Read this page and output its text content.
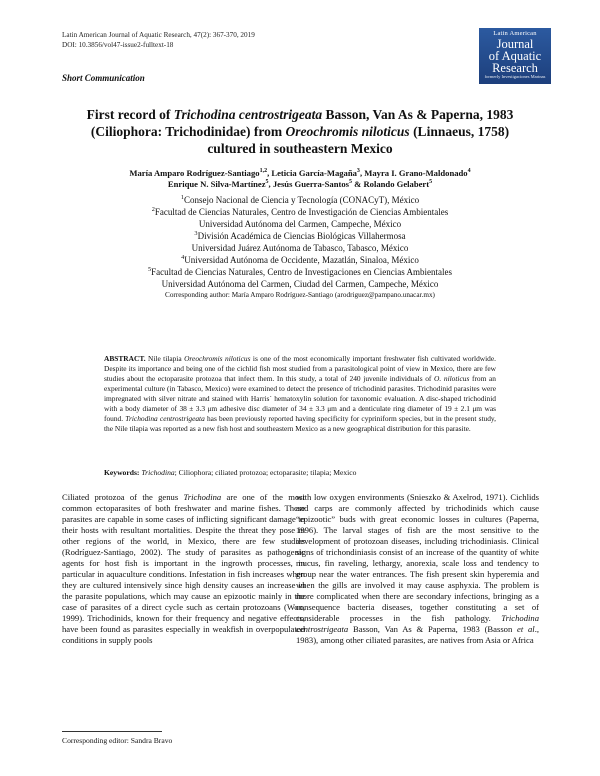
Latin American Journal of Aquatic Research, 47(2): 367-370, 2019
DOI: 10.3856/vol47-issue2-fulltext-18
Latin American
Journal
of Aquatic
Research
formerly Investigaciones Marinas
Short Communication
First record of Trichodina centrostrigeata Basson, Van As & Paperna, 1983
(Ciliophora: Trichodinidae) from Oreochromis niloticus (Linnaeus, 1758)
cultured in southeastern Mexico
María Amparo Rodríguez-Santiago$^{1,2}$, Leticia García-Magaña$^3$, Mayra I. Grano-Maldonado$^4$
Enrique N. Silva-Martínez$^5$, Jesús Guerra-Santos$^5$ & Rolando Gelabert$^5$
$^1$Consejo Nacional de Ciencia y Tecnología (CONACyT), México
$^2$Facultad de Ciencias Naturales, Centro de Investigación de Ciencias Ambientales
Universidad Autónoma del Carmen, Campeche, México
$^3$División Académica de Ciencias Biológicas Villahermosa
Universidad Juárez Autónoma de Tabasco, Tabasco, México
$^4$Universidad Autónoma de Occidente, Mazatlán, Sinaloa, México
$^5$Facultad de Ciencias Naturales, Centro de Investigaciones en Ciencias Ambientales
Universidad Autónoma del Carmen, Ciudad del Carmen, Campeche, México
Corresponding author: María Amparo Rodríguez-Santiago (arodriguez@pampano.unacar.mx)
ABSTRACT. Nile tilapia Oreochromis niloticus is one of the most economically important freshwater fish cultivated worldwide. Despite its importance and being one of the cichlid fish most studied from a parasitological point of view in Mexico, there are few studies about the ectoparasite protozoa that infect them. In this study, a total of 240 juvenile individuals of O. niloticus from an experimental culture (in Tabasco, Mexico) were examined to detect the presence of trichodinid parasites. Trichodinid parasites were impregnated with silver nitrate and stained with Harris´ hematoxylin solution for taxonomic evaluation. A disc-shaped trichodinid with a body diameter of 38 ± 3.3 μm adhesive disc diameter of 34 ± 3.3 μm and a denticulate ring diameter of 19 ± 2.1 μm was found. Trichodina centrostrigeata has been previously reported having specificity for cypriniform species, but in the present study, the Nile tilapia was reported as a new fish host and southeastern Mexico as a new geographical distribution for this parasite.
Keywords: Trichodina; Ciliophora; ciliated protozoa; ectoparasite; tilapia; Mexico
Ciliated protozoa of the genus Trichodina are one of the most common ectoparasites of both freshwater and marine fishes. These parasites are capable in some cases of inflicting significant damage to their hosts with resultant mortalities. Despite the threat they pose in other regions of the world, in Mexico, there are few studies (Rodríguez-Santiago, 2002). The study of parasites as pathogenic agents for host fish is important in the ingrowth processes, in particular in aquaculture conditions. Infestation in fish increases when they are cultured intensively since high density causes an increase in the parasite populations, which may cause an epizootic mainly in the case of parasites of a direct cycle such as certain protozoans (Woo, 1999). Trichodinids, known for their frequency and negative effects, have been found as parasites especially in weakfish in overpopulated conditions in supply pools
with low oxygen environments (Snieszko & Axelrod, 1971). Cichlids and carps are commonly affected by trichodinids which cause “epizootic” buds with great economic losses in cultures (Paperna, 1996). The larval stages of fish are the most sensitive to the development of protozoan diseases, including trichodiniasis. Clinical signs of trichondiniasis consist of an increase of the quantity of white mucus, fin raveling, lethargy, anorexia, scale loss and tendency to group near the water entrances. The fish present skin hyperemia and when the gills are involved it may cause asphyxia. The problem is more complicated when there are secondary infections, bringing as a consequence bacteria diseases, together constituting a set of considerable processes in the fish pathology. Trichodina centrostrigeata Basson, Van As & Paperna, 1983 (Basson et al., 1983), among other ciliated parasites, are natives from Asia or Africa
Corresponding editor: Sandra Bravo
